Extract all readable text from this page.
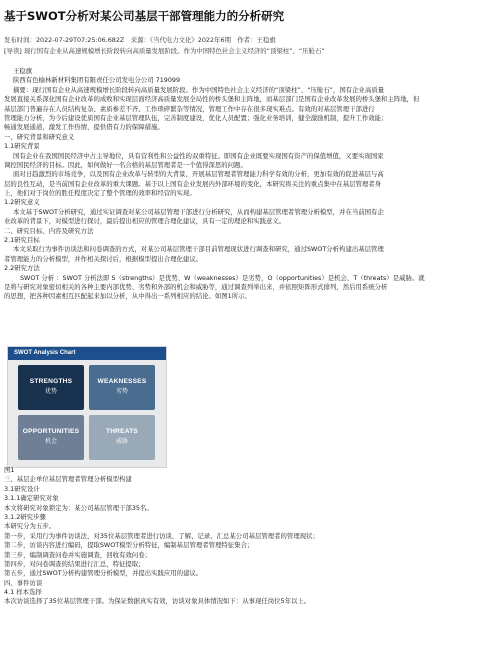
基于SWOT分析对某公司基层干部管理能力的分析研究
发布时间：2022-07-29T07:25:06.682Z　来源：《当代电力文化》2022年6期　作者：王稳旗
[导读] 现行国有企业从高速规模增长阶段转向高质量发展阶段。作为中国特色社会主义经济的“顶梁柱”、“压舱石”
王稳旗
陕西有色榆林新材料集团有限责任公司发电分公司 719099
摘要：现行国有企业从高速规模增长阶段转向高质量发展阶段。作为中国特色社会主义经济的“顶梁柱”、“压舱石”，国有企业高质量
发展直接关系深化国有企业改革的成败和实现层面经济高质量发展全局性的桥头堡和主阵地，而基层部门是国有企业改革发展的桥头堡和主阵地，但
基层部门普遍存在人员结构复杂、素质参差不齐、工作琐碎繁杂等情况，管理工作中存在很多现实难点。有效的对基层管理干部进行
管理能力分析，为今后建设优质国有企业基层管理队伍，完善制度建设，优化人员配置；强化业务培训，健全激励机制，提升工作效能；
畅通发展通道，激发工作热情，提供借有力的保障措施。
一、研究背景和研究意义
1.1研究背景
国有企业在我国国民经济中占主导地位，具有营利性和公益性的双重特征。即国有企业既要实现国有资产的保值增值，又要实现国家
调控国民经济的目标。因此，如何做好一名合格的基层管理者是一个值得深思的问题。
面对日趋激烈的市场竞争，以及国有企业改革与转型的大背景，开展基层管理者管理能力科学有效的分析，更加有效的促进基层与高
层的良性互动，是当前国有企业改革的重大课题。基于以上国有企业发展内外部环境的变化，本研究将关注的重点集中在基层管理者身
上，他们对于岗位的胜任程度决定了整个管理的效率和经营的实现。
1.2研究意义
本文基于SWOT分析研究，通过实证调查对某公司基层管理干部进行分析研究，从而构建基层管理者管理分析模型，并在当前国有企
业改革的背景下，对模型进行探讨，最后提出相应的管理合理化建议，具有一定的理论和实践意义。
二、研究目标、内容及研究方法
2.1研究目标
本文采取行为事件访谈法和问卷调查的方式，对某公司基层管理干部目前管理现状进行调查和研究，通过SWOT分析构建出基层管理
者管理能力的分析模型，并作相关探讨后，根据模型提出合理化建议。
2.2研究方法
SWOT 分析 ：SWOT 分析法即 S（strengths）是优势、W（weaknesses）是劣势，O（opportunities）是机会、T（threats）是威胁。就
是将与研究对象密切相关的各种主要内部优势、劣势和外部的机会和威胁等，通过调查列举出来，并依照矩阵形式排列，然后用系统分析
的思想，把各种因素相互匹配起来加以分析，从中得出一系列相应的结论。如图1所示。
SWOT Analysis Chart
STRENGTHS
优势
WEAKNESSES
劣势
OPPORTUNITIES
机会
THREATS
威胁
图1
三、基层企单位基层管理者管理分析模型构建
3.1研究设计
3.1.1确定研究对象
本文将研究对象锁定为：某公司基层管理干部35名。
3.1.2研究步骤
本研究分为五步。
第一步，采用行为事件访谈法，对35位基层管理者进行访谈，了解、记录、汇总某公司基层管理者的管理现状；
第二步，访谈内容进行编码，提取SWOT模型分析特征，编制基层管理者管理特征集合；
第三步，编制调查问卷并实施调查，回收有效问卷；
第四步，对问卷调查的结果进行汇总，特征提取；
第五步，通过SWOT分析构建管理分析模型，并提出实践应用的建议。
四、事件访谈
4.1 样本选择
本次访谈选择了35位基层管理干部。为保证数据真实有效，访谈对象具体情况如下：从事现任岗位5年以上。
